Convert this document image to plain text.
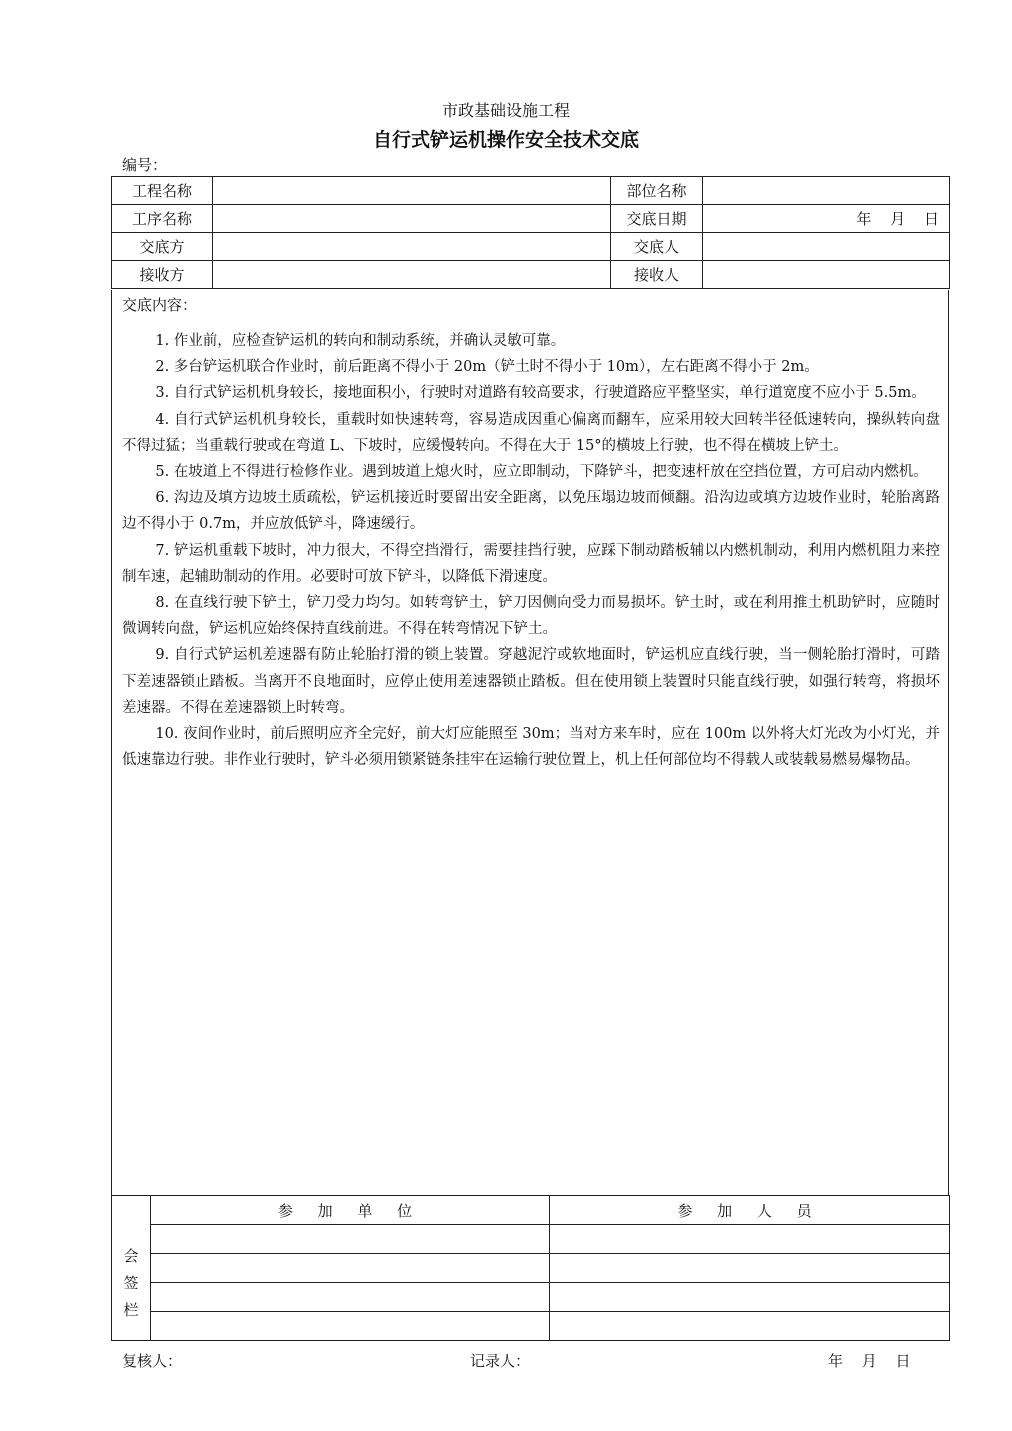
市政基础设施工程
自行式铲运机操作安全技术交底
编号：
工程名称		部位名称	
工序名称		交底日期	年 月 日
交底方		交底人	
接收方		接收人	
交底内容：

1. 作业前，应检查铲运机的转向和制动系统，并确认灵敏可靠。

2. 多台铲运机联合作业时，前后距离不得小于 20m（铲土时不得小于 10m），左右距离不得小于 2m。

3. 自行式铲运机机身较长，接地面积小，行驶时对道路有较高要求，行驶道路应平整坚实，单行道宽度不应小于 5.5m。

4. 自行式铲运机机身较长，重载时如快速转弯，容易造成因重心偏离而翻车，应采用较大回转半径低速转向，操纵转向盘不得过猛；当重载行驶或在弯道 L、下坡时，应缓慢转向。不得在大于 15°的横坡上行驶，也不得在横坡上铲土。

5. 在坡道上不得进行检修作业。遇到坡道上熄火时，应立即制动，下降铲斗，把变速杆放在空挡位置，方可启动内燃机。

6. 沟边及填方边坡土质疏松，铲运机接近时要留出安全距离，以免压塌边坡而倾翻。沿沟边或填方边坡作业时，轮胎离路边不得小于 0.7m，并应放低铲斗，降速缓行。

7. 铲运机重载下坡时，冲力很大，不得空挡滑行，需要挂挡行驶，应踩下制动踏板辅以内燃机制动，利用内燃机阻力来控制车速，起辅助制动的作用。必要时可放下铲斗，以降低下滑速度。

8. 在直线行驶下铲土，铲刀受力均匀。如转弯铲土，铲刀因侧向受力而易损坏。铲土时，或在利用推土机助铲时，应随时微调转向盘，铲运机应始终保持直线前进。不得在转弯情况下铲土。

9. 自行式铲运机差速器有防止轮胎打滑的锁上装置。穿越泥泞或软地面时，铲运机应直线行驶，当一侧轮胎打滑时，可踏下差速器锁止踏板。当离开不良地面时，应停止使用差速器锁止踏板。但在使用锁上装置时只能直线行驶，如强行转弯，将损坏差速器。不得在差速器锁上时转弯。

10. 夜间作业时，前后照明应齐全完好，前大灯应能照至 30m；当对方来车时，应在 100m 以外将大灯光改为小灯光，并低速靠边行驶。非作业行驶时，铲斗必须用锁紧链条挂牢在运输行驶位置上，机上任何部位均不得载人或装载易燃易爆物品。

会
签
栏	参 加 单 位	参 加 人 员

复核人：	记录人：	年 月 日
